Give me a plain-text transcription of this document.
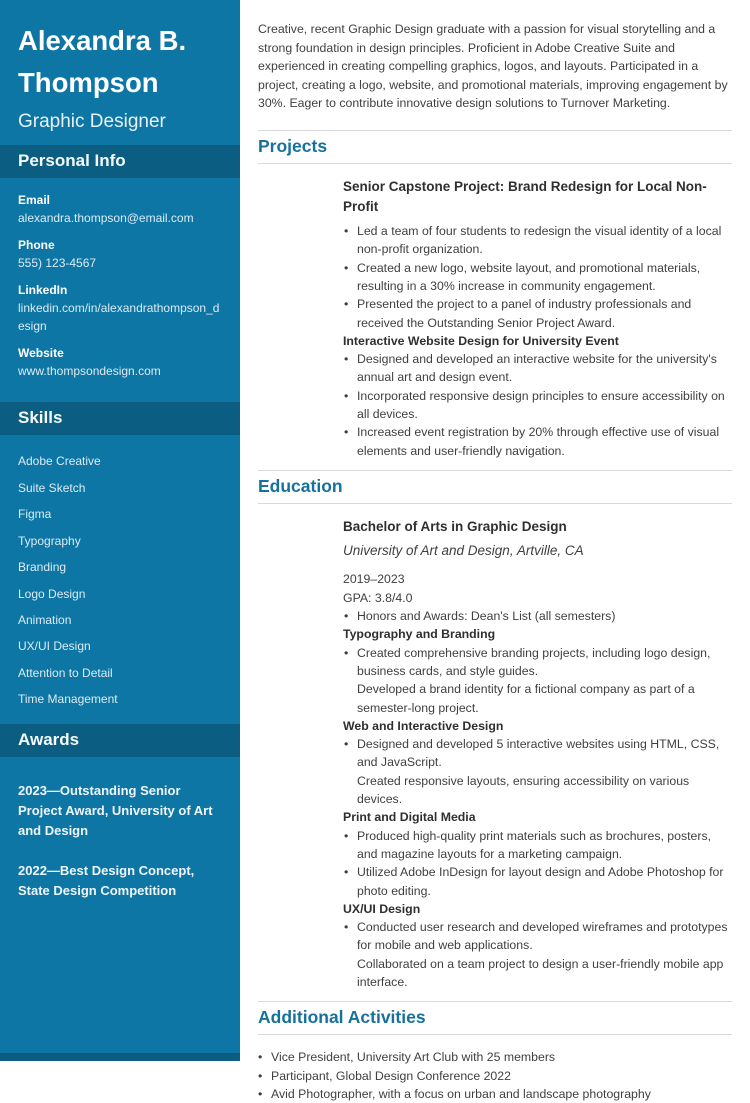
Alexandra B. Thompson
Graphic Designer
Personal Info
Email
alexandra.thompson@email.com
Phone
555) 123-4567
LinkedIn
linkedin.com/in/alexandrathompson_design
Website
www.thompsondesign.com
Skills
Adobe Creative
Suite Sketch
Figma
Typography
Branding
Logo Design
Animation
UX/UI Design
Attention to Detail
Time Management
Awards
2023—Outstanding Senior Project Award, University of Art and Design
2022—Best Design Concept, State Design Competition

Creative, recent Graphic Design graduate with a passion for visual storytelling and a strong foundation in design principles. Proficient in Adobe Creative Suite and experienced in creating compelling graphics, logos, and layouts. Participated in a project, creating a logo, website, and promotional materials, improving engagement by 30%. Eager to contribute innovative design solutions to Turnover Marketing.

Projects
Senior Capstone Project: Brand Redesign for Local Non-Profit
• Led a team of four students to redesign the visual identity of a local non-profit organization.
• Created a new logo, website layout, and promotional materials, resulting in a 30% increase in community engagement.
• Presented the project to a panel of industry professionals and received the Outstanding Senior Project Award.
Interactive Website Design for University Event
• Designed and developed an interactive website for the university's annual art and design event.
• Incorporated responsive design principles to ensure accessibility on all devices.
• Increased event registration by 20% through effective use of visual elements and user-friendly navigation.
Education
Bachelor of Arts in Graphic Design
University of Art and Design, Artville, CA
2019–2023
GPA: 3.8/4.0
• Honors and Awards: Dean's List (all semesters)
Typography and Branding
• Created comprehensive branding projects, including logo design, business cards, and style guides.
Developed a brand identity for a fictional company as part of a semester-long project.
Web and Interactive Design
• Designed and developed 5 interactive websites using HTML, CSS, and JavaScript.
Created responsive layouts, ensuring accessibility on various devices.
Print and Digital Media
• Produced high-quality print materials such as brochures, posters, and magazine layouts for a marketing campaign.
• Utilized Adobe InDesign for layout design and Adobe Photoshop for photo editing.
UX/UI Design
• Conducted user research and developed wireframes and prototypes for mobile and web applications.
Collaborated on a team project to design a user-friendly mobile app interface.
Additional Activities
• Vice President, University Art Club with 25 members
• Participant, Global Design Conference 2022
• Avid Photographer, with a focus on urban and landscape photography
